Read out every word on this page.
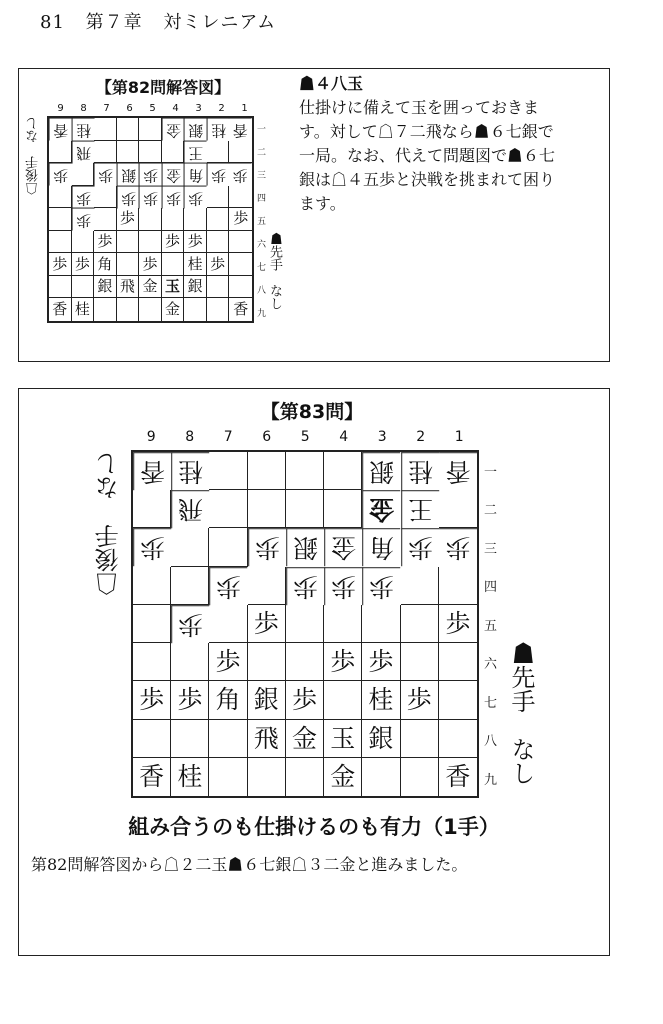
81 第７章 対ミレニアム
【第82問解答図】
9	8	7	6	5	4	3	2	1
香 桂	金 銀 桂 香
飛	王
歩 歩 銀 歩 金 角 歩 歩
歩 歩 歩 歩 歩
歩 歩	歩
歩	歩 歩
歩 歩 角 歩 桂 歩
銀 飛 金 玉 銀
香 桂	金	香
一
二
三
四
五
六
七
八
九
☖後手　なし
☗先手　なし
☗４八玉
仕掛けに備えて玉を囲っておきま
す。対して☖７二飛なら☗６七銀で
一局。なお、代えて問題図で☗６七
銀は☖４五歩と決戦を挑まれて困り
ます。
【第83問】
9	8	7	6	5	4	3	2	1
香 桂	銀 桂 香
飛	金 王
歩	歩 銀 金 角 歩 歩
歩 歩 歩 歩
歩 歩	歩
歩	歩 歩
歩 歩 角 銀 歩 桂 歩
飛 金 玉 銀
香 桂	金	香
一
二
三
四
五
六
七
八
九
☖後手　なし
☗先手　なし
組み合うのも仕掛けるのも有力（1手）
第82問解答図から☖２二玉☗６七銀☖３二金と進みました。
